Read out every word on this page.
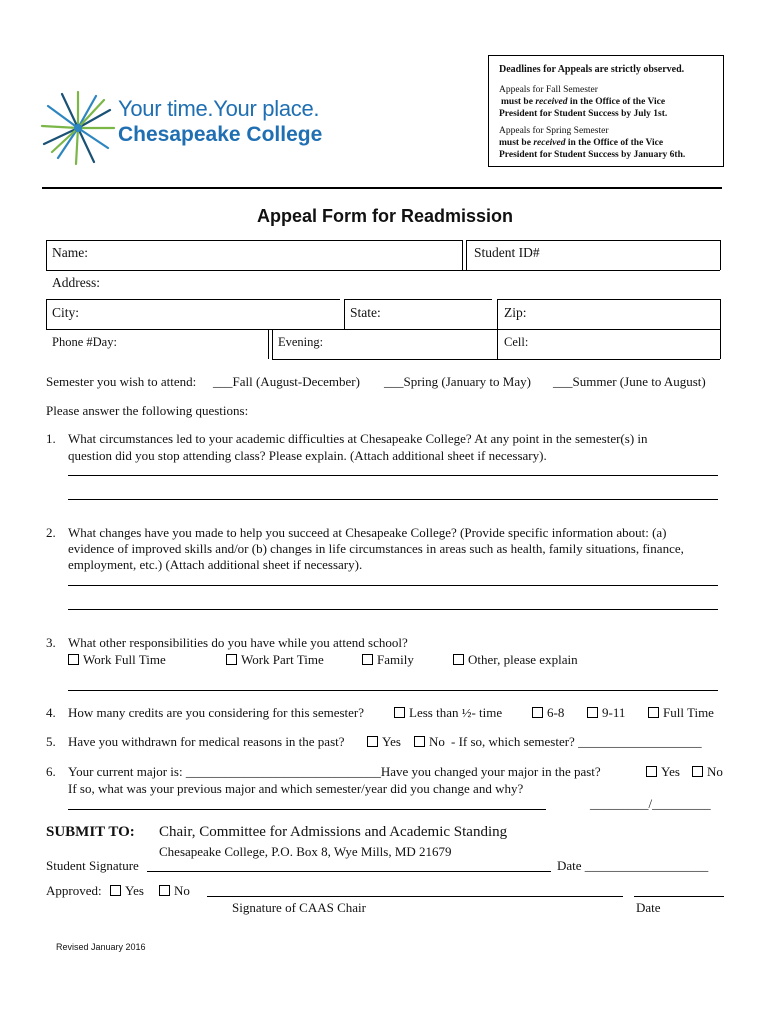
Your time.Your place.
Chesapeake College
Deadlines for Appeals are strictly observed.
Appeals for Fall Semester
must be received in the Office of the Vice
President for Student Success by July 1st.
Appeals for Spring Semester
must be received in the Office of the Vice
President for Student Success by January 6th.
Appeal Form for Readmission
Name:	Student ID#
Address:
City:	State:	Zip:
Phone #Day:	Evening:	Cell:
Semester you wish to attend: ___Fall (August-December) ___Spring (January to May) ___Summer (June to August)
Please answer the following questions:
1. What circumstances led to your academic difficulties at Chesapeake College? At any point in the semester(s) in
question did you stop attending class? Please explain. (Attach additional sheet if necessary).
2. What changes have you made to help you succeed at Chesapeake College? (Provide specific information about: (a)
evidence of improved skills and/or (b) changes in life circumstances in areas such as health, family situations, finance,
employment, etc.) (Attach additional sheet if necessary).
3. What other responsibilities do you have while you attend school?
Work Full Time	Work Part Time	Family	Other, please explain
4. How many credits are you considering for this semester?	Less than ½- time	6-8	9-11	Full Time
5. Have you withdrawn for medical reasons in the past?	Yes	No - If so, which semester? ___________________
6. Your current major is: ______________________________Have you changed your major in the past?	Yes	No
If so, what was your previous major and which semester/year did you change and why?
_________/_________
SUBMIT TO: Chair, Committee for Admissions and Academic Standing
Chesapeake College, P.O. Box 8, Wye Mills, MD 21679
Student Signature	Date ___________________
Approved:	Yes	No
Signature of CAAS Chair	Date
Revised January 2016
